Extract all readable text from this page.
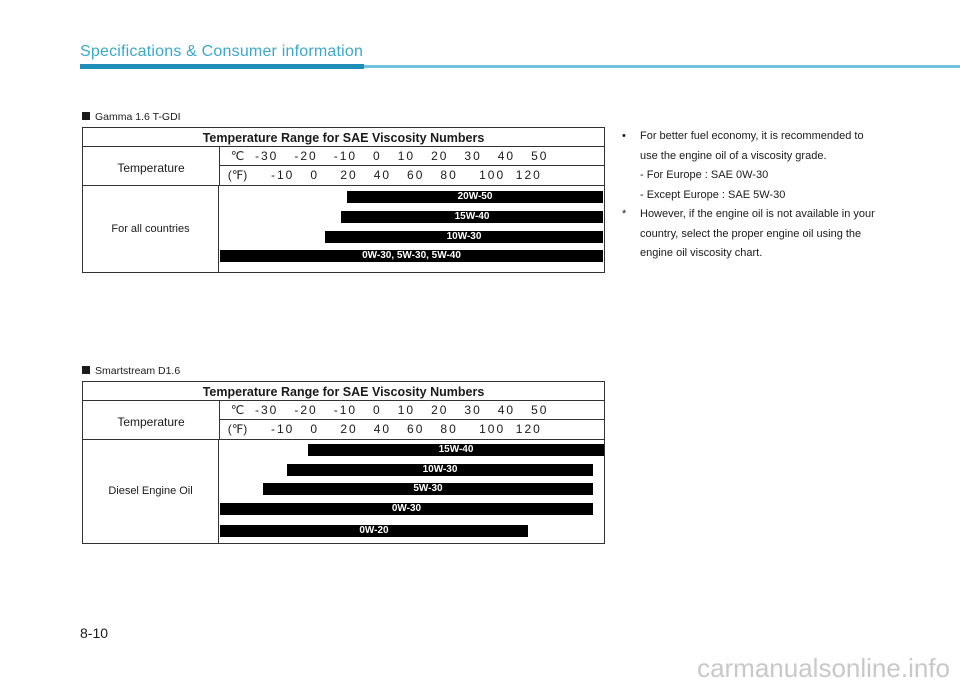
Specifications & Consumer information
Gamma 1.6 T-GDI
Temperature Range for SAE Viscosity Numbers
Temperature
℃ -30   -20   -10   0   10   20   30   40   50
(℉) -10   0    20   40   60   80    100  120
For all countries
20W-50
15W-40
10W-30
0W-30, 5W-30, 5W-40
Smartstream D1.6
Temperature Range for SAE Viscosity Numbers
Temperature
℃ -30   -20   -10   0   10   20   30   40   50
(℉) -10   0    20   40   60   80    100  120
Diesel Engine Oil
15W-40
10W-30
5W-30
0W-30
0W-20

• For better fuel economy, it is recommended to use the engine oil of a viscosity grade.

- For Europe : SAE 0W-30

- Except Europe : SAE 5W-30

* However, if the engine oil is not available in your country, select the proper engine oil using the engine oil viscosity chart.

8-10
carmanualsonline.info
